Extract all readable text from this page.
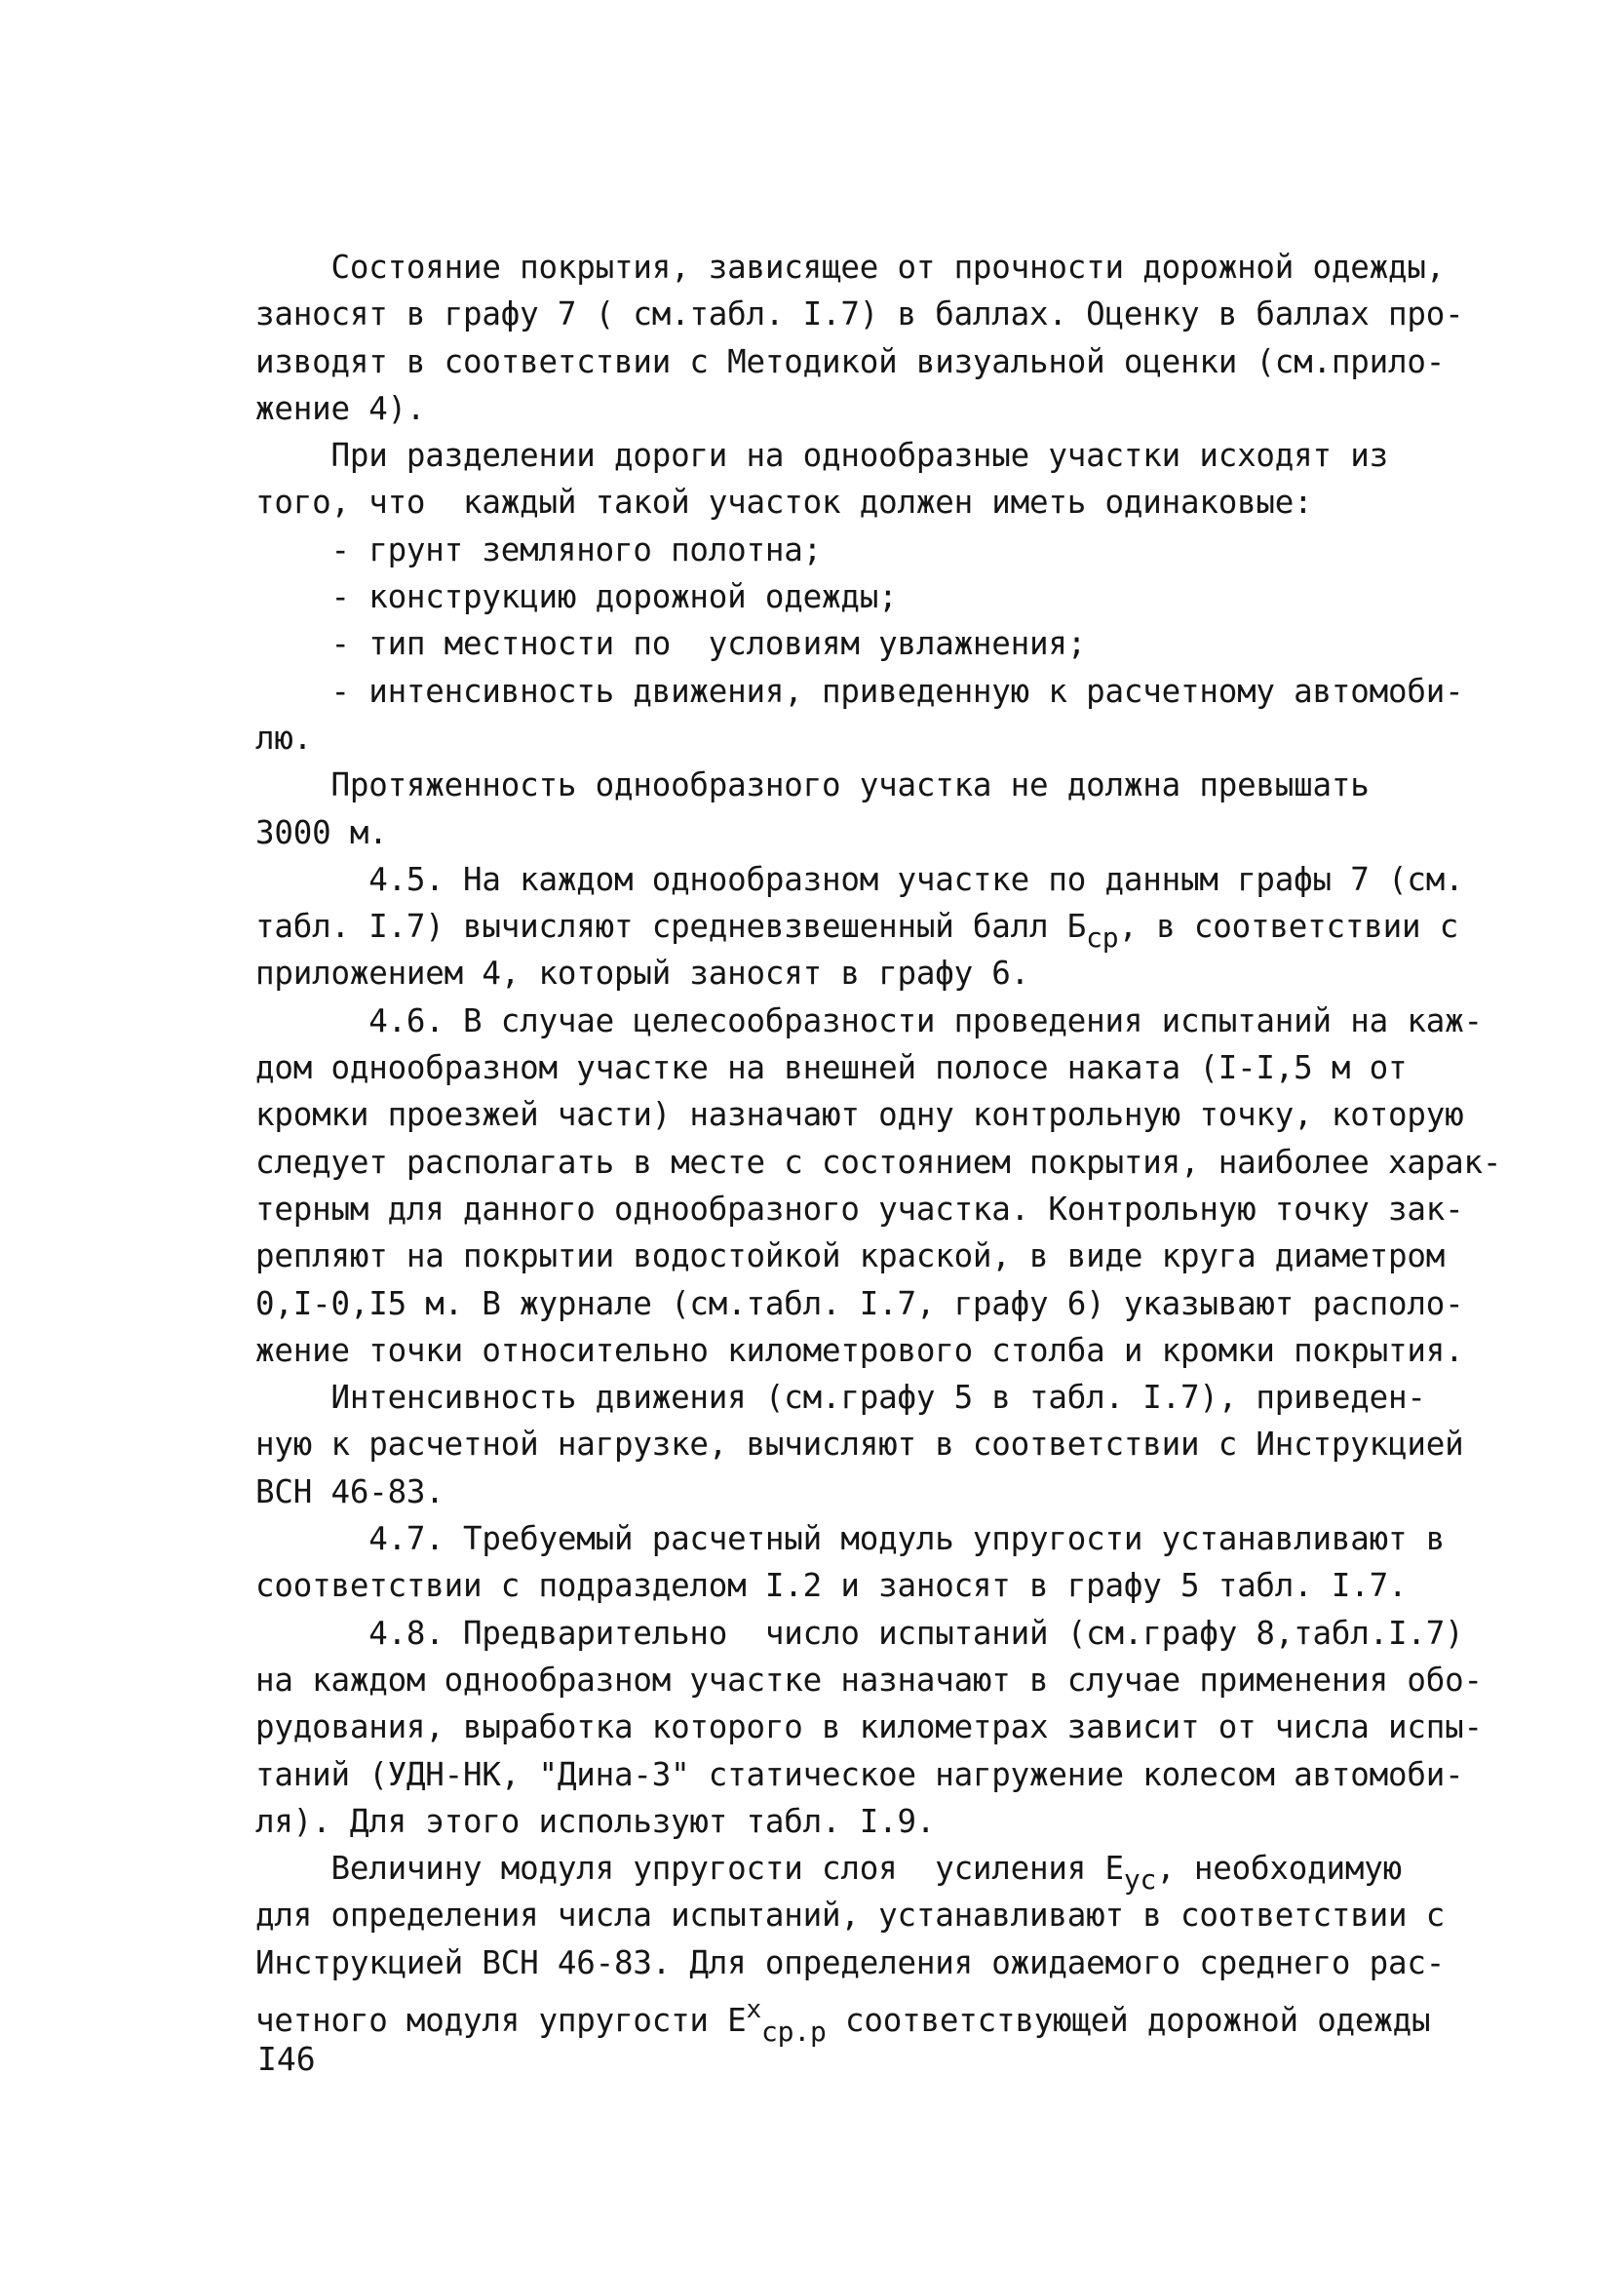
Состояние покрытия, зависящее от прочности дорожной одежды,
заносят в графу 7 ( см.табл. I.7) в баллах. Оценку в баллах про-
изводят в соответствии с Методикой визуальной оценки (см.прило-
жение 4).
При разделении дороги на однообразные участки исходят из
того, что  каждый такой участок должен иметь одинаковые:
- грунт земляного полотна;
- конструкцию дорожной одежды;
- тип местности по  условиям увлажнения;
- интенсивность движения, приведенную к расчетному автомоби-
лю.
Протяженность однообразного участка не должна превышать
3000 м.
4.5. На каждом однообразном участке по данным графы 7 (см.
табл. I.7) вычисляют средневзвешенный балл Бср, в соответствии с
приложением 4, который заносят в графу 6.
4.6. В случае целесообразности проведения испытаний на каж-
дом однообразном участке на внешней полосе наката (I-I,5 м от
кромки проезжей части) назначают одну контрольную точку, которую
следует располагать в месте с состоянием покрытия, наиболее харак-
терным для данного однообразного участка. Контрольную точку зак-
репляют на покрытии водостойкой краской, в виде круга диаметром
0,I-0,I5 м. В журнале (см.табл. I.7, графу 6) указывают располо-
жение точки относительно километрового столба и кромки покрытия.
Интенсивность движения (см.графу 5 в табл. I.7), приведен-
ную к расчетной нагрузке, вычисляют в соответствии с Инструкцией
ВСН 46-83.
4.7. Требуемый расчетный модуль упругости устанавливают в
соответствии с подразделом I.2 и заносят в графу 5 табл. I.7.
4.8. Предварительно  число испытаний (см.графу 8,табл.I.7)
на каждом однообразном участке назначают в случае применения обо-
рудования, выработка которого в километрах зависит от числа испы-
таний (УДН-НК, "Дина-3" статическое нагружение колесом автомоби-
ля). Для этого используют табл. I.9.
Величину модуля упругости слоя  усиления Еус, необходимую
для определения числа испытаний, устанавливают в соответствии с
Инструкцией ВСН 46-83. Для определения ожидаемого среднего рас-
четного модуля упругости $Е^xср.р$ соответствующей дорожной одежды
I46
